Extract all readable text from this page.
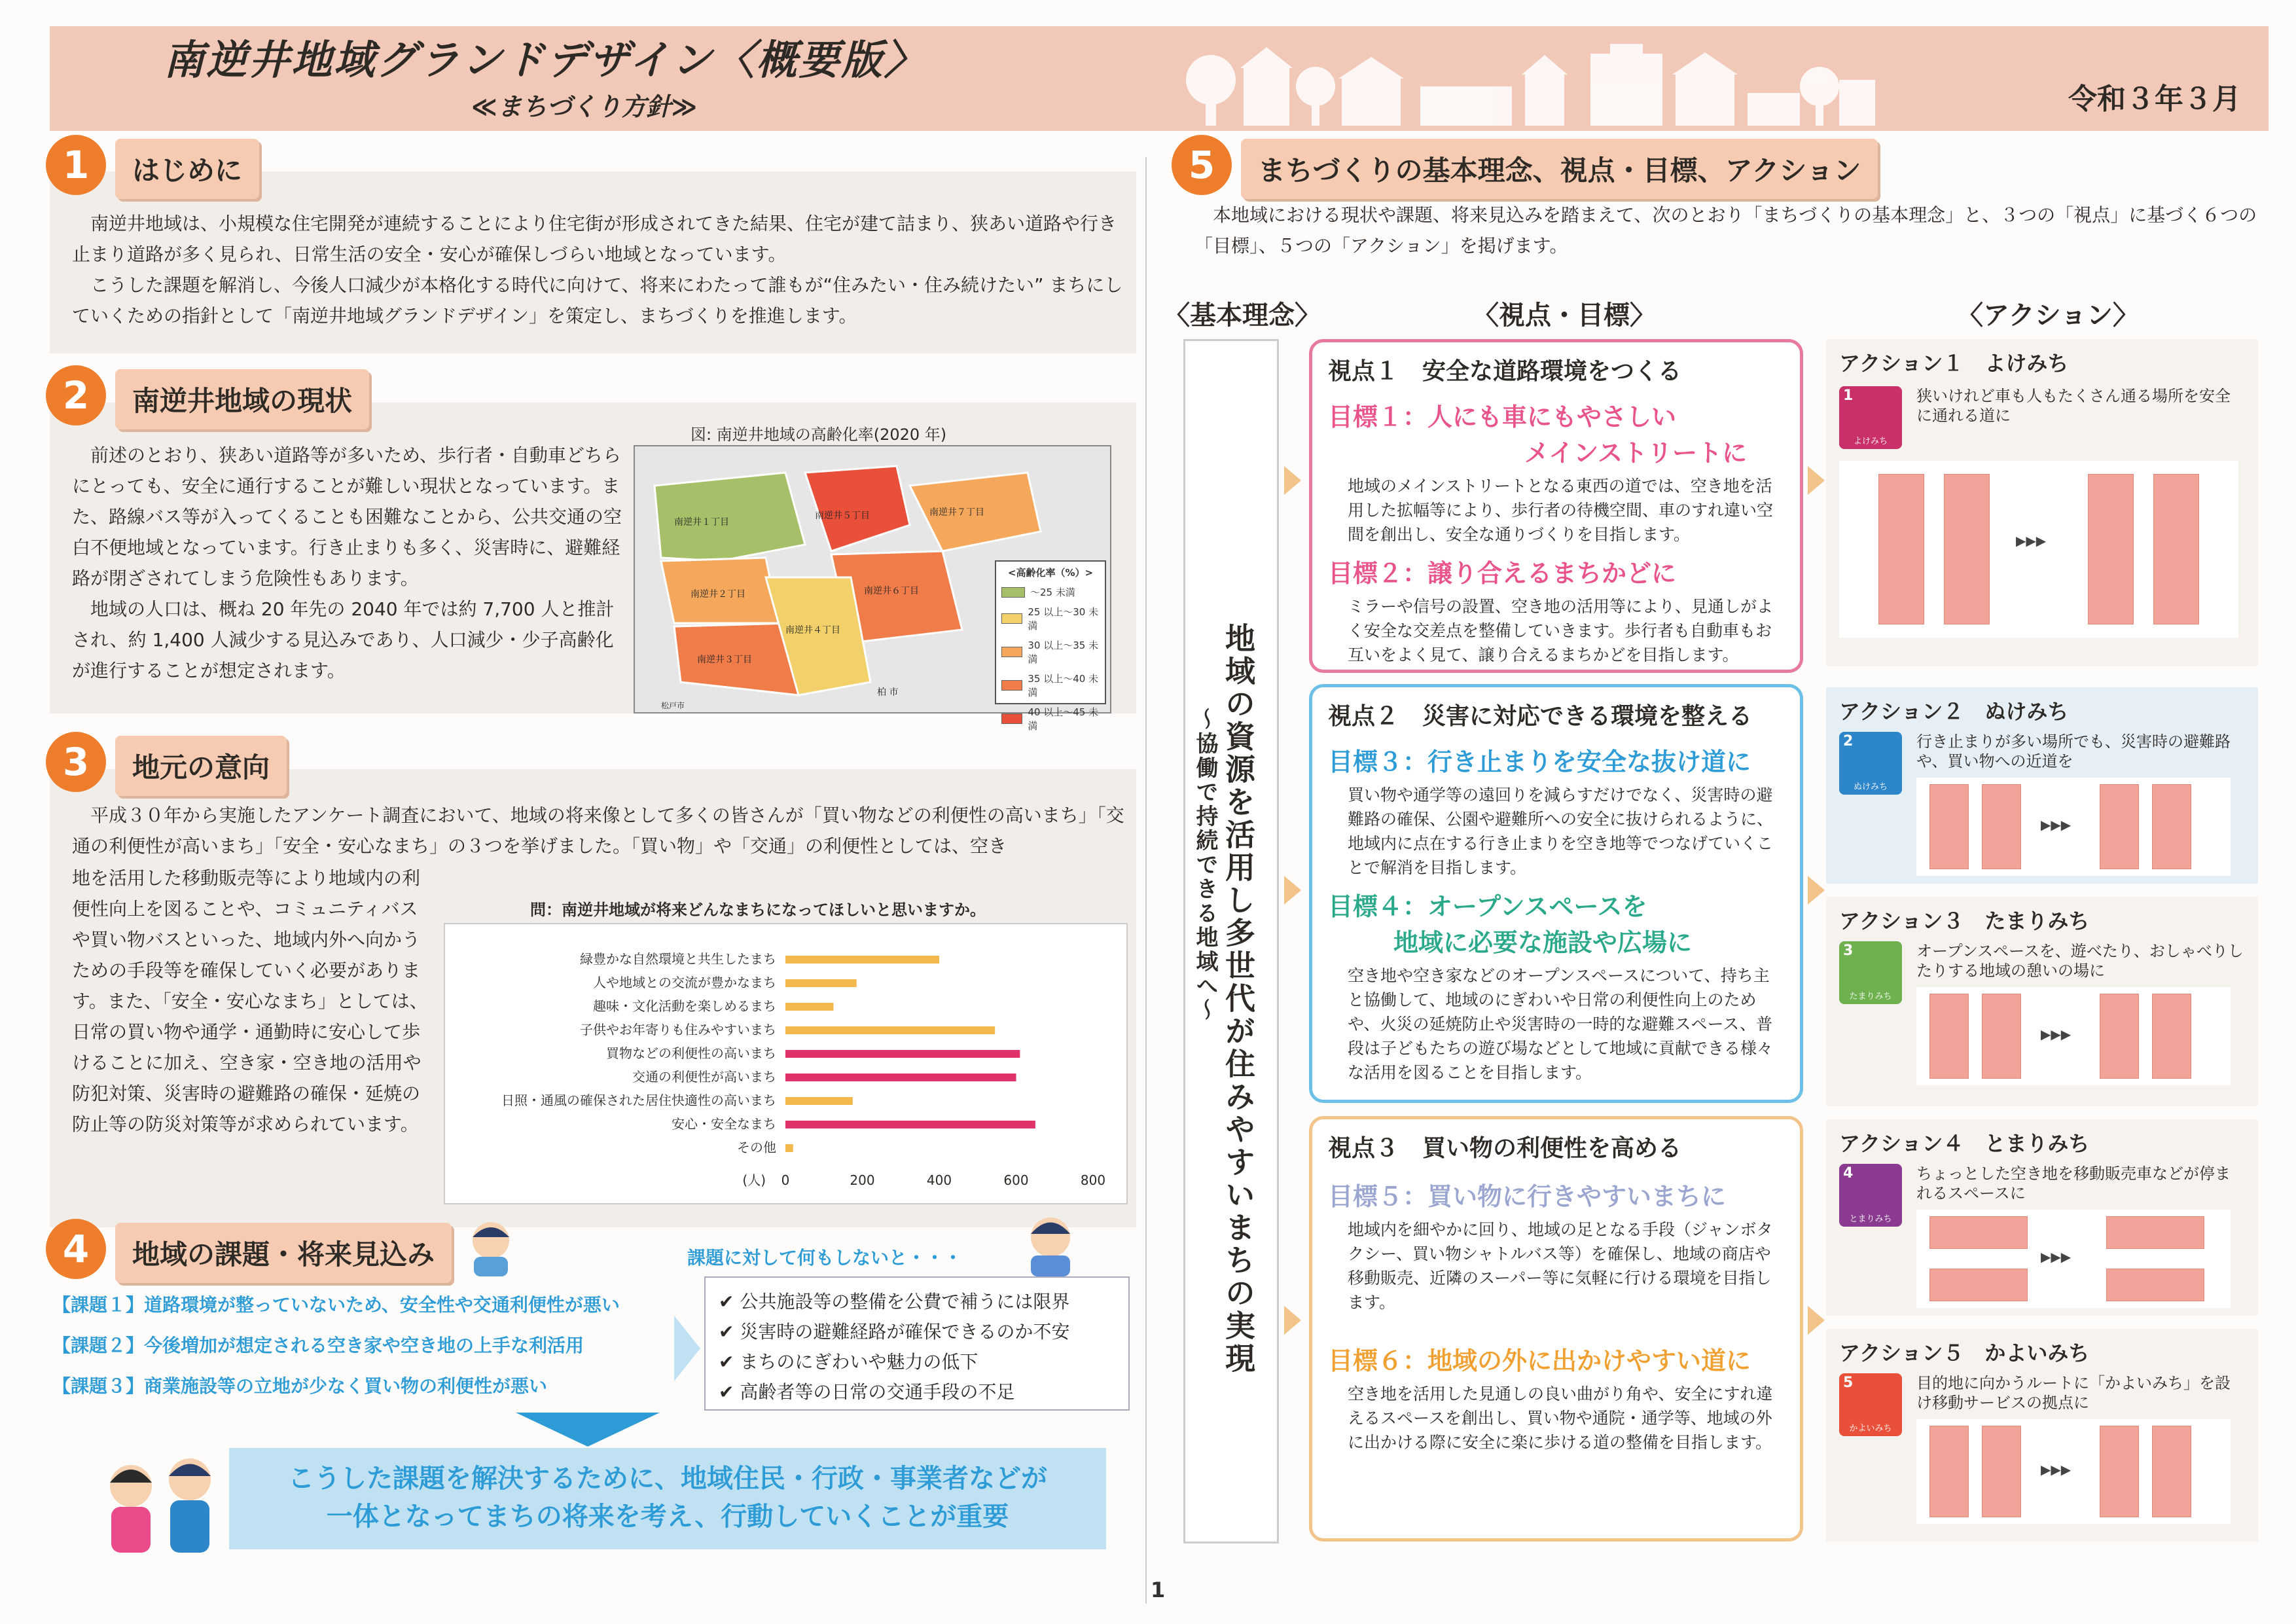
南逆井地域グランドデザイン〈概要版〉
≪まちづくり方針≫	令和３年３月
1	はじめに
南逆井地域は、小規模な住宅開発が連続することにより住宅街が形成されてきた結果、住宅が建て詰まり、狭あい道路や行き止まり道路が多く見られ、日常生活の安全・安心が確保しづらい地域となっています。
こうした課題を解消し、今後人口減少が本格化する時代に向けて、将来にわたって誰もが“住みたい・住み続けたい” まちにしていくための指針として「南逆井地域グランドデザイン」を策定し、まちづくりを推進します。
2	南逆井地域の現状
前述のとおり、狭あい道路等が多いため、歩行者・自動車どちらにとっても、安全に通行することが難しい現状となっています。また、路線バス等が入ってくることも困難なことから、公共交通の空白不便地域となっています。行き止まりも多く、災害時に、避難経路が閉ざされてしまう危険性もあります。
地域の人口は、概ね 20 年先の 2040 年では約 7,700 人と推計され、約 1,400 人減少する見込みであり、人口減少・少子高齢化が進行することが想定されます。
図: 南逆井地域の高齢化率(2020 年)
南逆井１丁目
南逆井２丁目
南逆井３丁目
南逆井４丁目
南逆井５丁目
南逆井６丁目
南逆井７丁目
柏 市
松戸市
<高齢化率（%）>
～25 未満
25 以上～30 未満
30 以上～35 未満
35 以上～40 未満
40 以上～45 未満
3	地元の意向
平成３０年から実施したアンケート調査において、地域の将来像として多くの皆さんが「買い物などの利便性の高いまち」「交通の利便性が高いまち」「安全・安心なまち」の３つを挙げました。「買い物」や「交通」の利便性としては、空き
地を活用した移動販売等により地域内の利便性向上を図ることや、コミュニティバスや買い物バスといった、地域内外へ向かうための手段等を確保していく必要があります。また、「安全・安心なまち」としては、日常の買い物や通学・通勤時に安心して歩けることに加え、空き家・空き地の活用や防犯対策、災害時の避難路の確保・延焼の防止等の防災対策等が求められています。
問：南逆井地域が将来どんなまちになってほしいと思いますか。
緑豊かな自然環境と共生したまち
人や地域との交流が豊かなまち
趣味・文化活動を楽しめるまち
子供やお年寄りも住みやすいまち
買物などの利便性の高いまち
交通の利便性が高いまち
日照・通風の確保された居住快適性の高いまち
安心・安全なまち
その他
0	200	400	600	800
(人)
4	地域の課題・将来見込み
【課題１】道路環境が整っていないため、安全性や交通利便性が悪い
【課題２】今後増加が想定される空き家や空き地の上手な利活用
【課題３】商業施設等の立地が少なく買い物の利便性が悪い
課題に対して何もしないと・・・
✔ 公共施設等の整備を公費で補うには限界
✔ 災害時の避難経路が確保できるのか不安
✔ まちのにぎわいや魅力の低下
✔ 高齢者等の日常の交通手段の不足
こうした課題を解決するために、地域住民・行政・事業者などが
一体となってまちの将来を考え、行動していくことが重要
1
5	まちづくりの基本理念、視点・目標、アクション
本地域における現状や課題、将来見込みを踏まえて、次のとおり「まちづくりの基本理念」と、３つの「視点」に基づく６つの「目標」、５つの「アクション」を掲げます。
〈基本理念〉	〈視点・目標〉	〈アクション〉
地域の資源を活用し多世代が住みやすいまちの実現
～協働で持続できる地域へ～
視点１　安全な道路環境をつくる
目標１：人にも車にもやさしい
メインストリートに
地域のメインストリートとなる東西の道では、空き地を活用した拡幅等により、歩行者の待機空間、車のすれ違い空間を創出し、安全な通りづくりを目指します。
目標２：譲り合えるまちかどに
ミラーや信号の設置、空き地の活用等により、見通しがよく安全な交差点を整備していきます。歩行者も自動車もお互いをよく見て、譲り合えるまちかどを目指します。
視点２　災害に対応できる環境を整える
目標３：行き止まりを安全な抜け道に
買い物や通学等の遠回りを減らすだけでなく、災害時の避難路の確保、公園や避難所への安全に抜けられるように、地域内に点在する行き止まりを空き地等でつなげていくことで解消を目指します。
目標４：オープンスペースを
地域に必要な施設や広場に
空き地や空き家などのオープンスペースについて、持ち主と協働して、地域のにぎわいや日常の利便性向上のためや、火災の延焼防止や災害時の一時的な避難スペース、普段は子どもたちの遊び場などとして地域に貢献できる様々な活用を図ることを目指します。
視点３　買い物の利便性を高める
目標５：買い物に行きやすいまちに
地域内を細やかに回り、地域の足となる手段（ジャンボタクシー、買い物シャトルバス等）を確保し、地域の商店や移動販売、近隣のスーパー等に気軽に行ける環境を目指します。
目標６：地域の外に出かけやすい道に
空き地を活用した見通しの良い曲がり角や、安全にすれ違えるスペースを創出し、買い物や通院・通学等、地域の外に出かける際に安全に楽に歩ける道の整備を目指します。
アクション１　よけみち
1
よけみち
狭いけれど車も人もたくさん通る場所を安全に通れる道に
▶▶▶
アクション２　ぬけみち
2
ぬけみち
行き止まりが多い場所でも、災害時の避難路や、買い物への近道を
▶▶▶
アクション３　たまりみち
3
たまりみち
オープンスペースを、遊べたり、おしゃべりしたりする地域の憩いの場に
▶▶▶
アクション４　とまりみち
4
とまりみち
ちょっとした空き地を移動販売車などが停まれるスペースに
▶▶▶
アクション５　かよいみち
5
かよいみち
目的地に向かうルートに「かよいみち」を設け移動サービスの拠点に
▶▶▶
